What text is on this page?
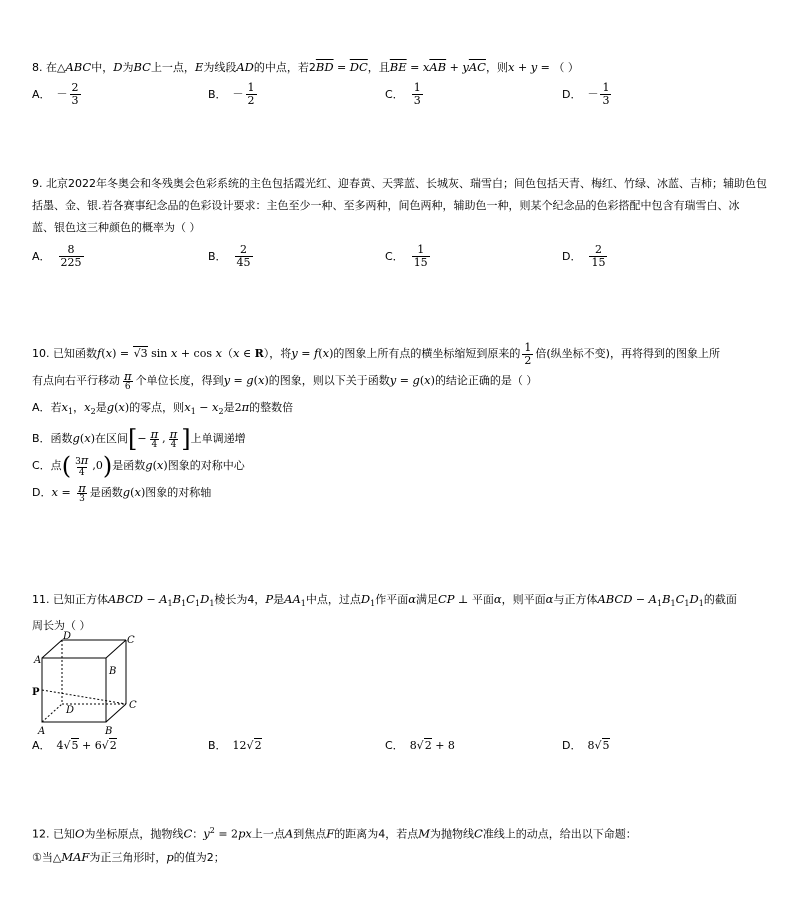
8. 在△ABC中，D为BC上一点，E为线段AD的中点，若$2\overline{BD} = \overline{DC}$，且$\overline{BE} = x\overline{AB} + y\overline{AC}$，则x + y = （ ）
A． － $\frac{2}{3}$	B． － $\frac{1}{2}$	C． $\frac{1}{3}$	D． － $\frac{1}{3}$
9. 北京2022年冬奥会和冬残奥会色彩系统的主色包括霞光红、迎春黄、天霁蓝、长城灰、瑞雪白；间色包括天青、梅红、竹绿、冰蓝、吉柿；辅助色包
括墨、金、银.若各赛事纪念品的色彩设计要求：主色至少一种、至多两种，间色两种，辅助色一种，则某个纪念品的色彩搭配中包含有瑞雪白、冰
蓝、银色这三种颜色的概率为（ ）
A． $\frac{8}{225}$	B． $\frac{2}{45}$	C． $\frac{1}{15}$	D． $\frac{2}{15}$
10. 已知函数f(x) = √3 sin x + cos x（x ∈ R），将y = f(x)的图象上所有点的横坐标缩短到原来的 $\frac{1}{2}$ 倍(纵坐标不变)，再将得到的图象上所
有点向右平行移动 π
6 个单位长度，得到y = g(x)的图象，则以下关于函数y = g(x)的结论正确的是（ ）
A．若$x_1$，$x_2$是g(x)的零点，则$x_1 - x_2$是2π的整数倍
B．函数g(x)在区间[− π
4 , π
4 ]上单调递增
C．点( $\frac{3\pi}{4} ,0$)是函数g(x)图象的对称中心
D．x = π
3 是函数g(x)图象的对称轴
11. 已知正方体ABCD − $A_1B_1C_1D_1$棱长为4，P是$AA_1$中点，过点$D_1$作平面α满足CP ⊥ 平面α，则平面α与正方体ABCD − $A_1B_1C_1D_1$的截面
周长为（ ）
D	C
A
B
P
D	C
A	B
A． 4√5 + 6√2	B． 12√2	C． 8√2 + 8	D． 8√5
12. 已知O为坐标原点，抛物线C：$y^2 = 2px$上一点A到焦点F的距离为4，若点M为抛物线C准线上的动点，给出以下命题：
①当△MAF为正三角形时，p的值为2；
